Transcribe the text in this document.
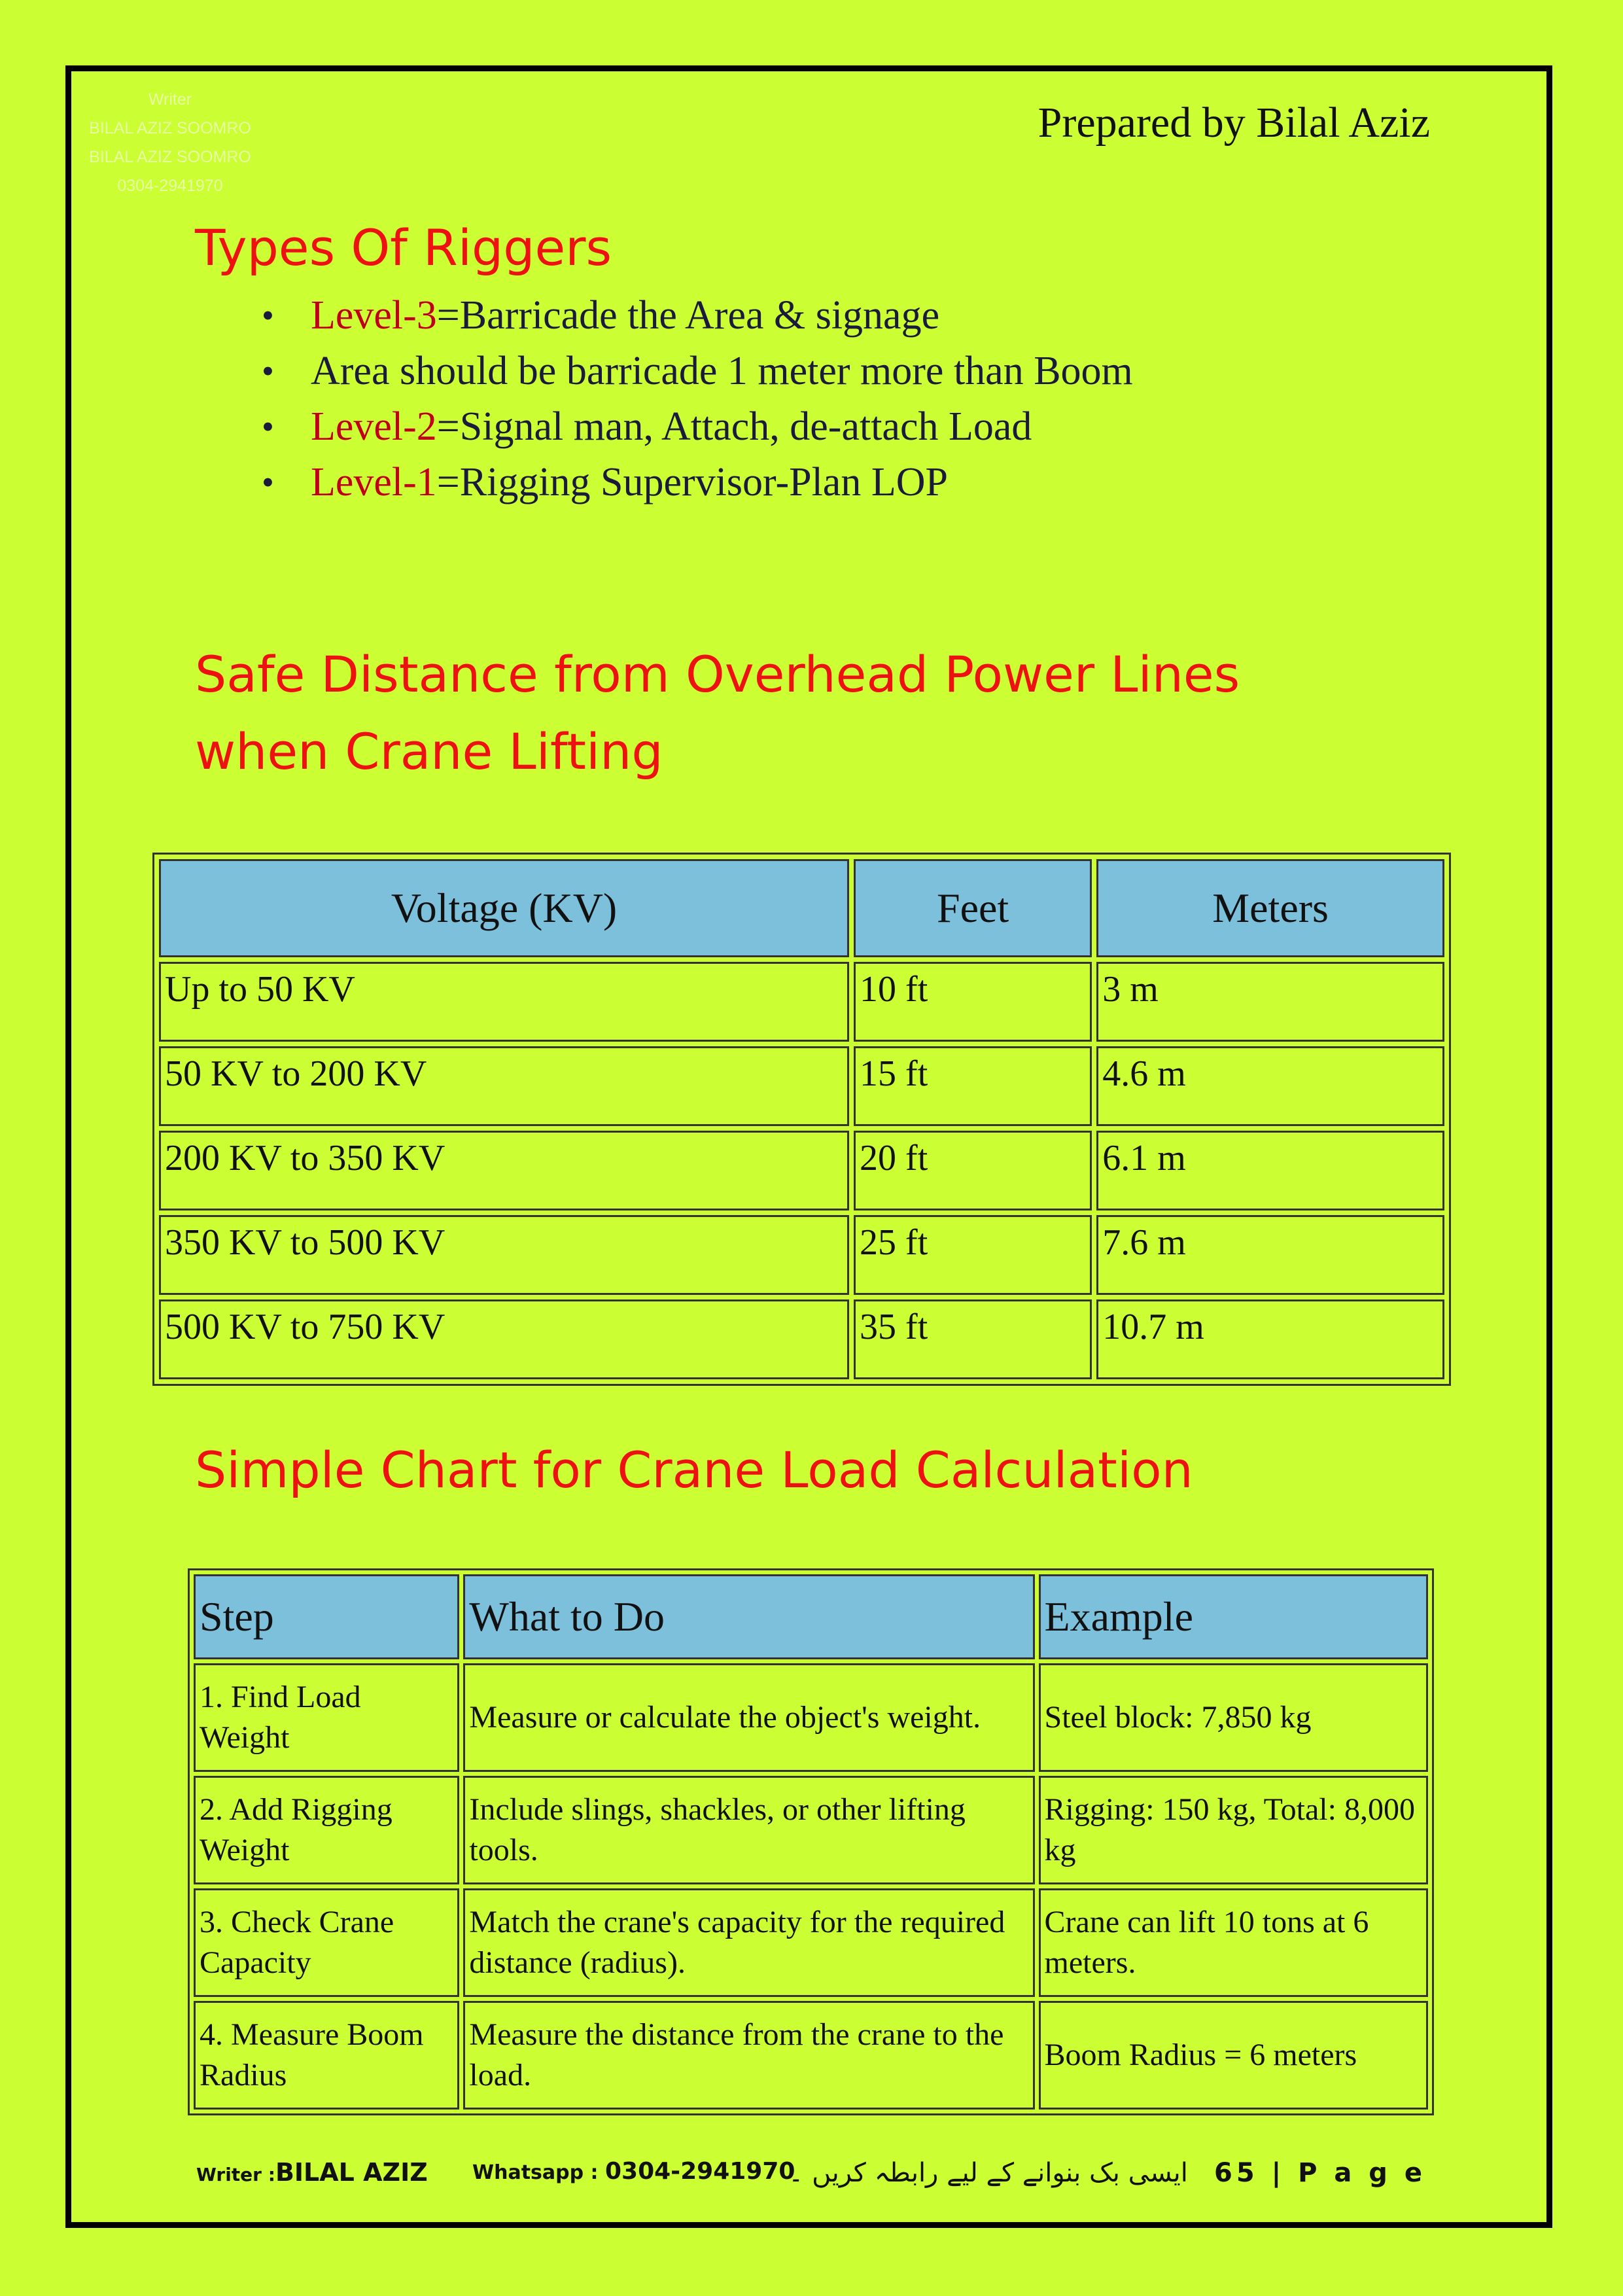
Writer
BILAL AZIZ SOOMRO
BILAL AZIZ SOOMRO
0304-2941970
Prepared by Bilal Aziz
Types Of Riggers
• Level-3=Barricade the Area & signage
• Area should be barricade 1 meter more than Boom
• Level-2=Signal man, Attach, de-attach Load
• Level-1=Rigging Supervisor-Plan LOP
Safe Distance from Overhead Power Lines
when Crane Lifting
Voltage (KV)	Feet	Meters
Up to 50 KV	10 ft	3 m
50 KV to 200 KV	15 ft	4.6 m
200 KV to 350 KV	20 ft	6.1 m
350 KV to 500 KV	25 ft	7.6 m
500 KV to 750 KV	35 ft	10.7 m
Simple Chart for Crane Load Calculation
Step	What to Do	Example
1. Find Load Weight	Measure or calculate the object's weight.	Steel block: 7,850 kg
2. Add Rigging Weight	Include slings, shackles, or other lifting tools.	Rigging: 150 kg, Total: 8,000 kg
3. Check Crane Capacity	Match the crane's capacity for the required distance (radius).	Crane can lift 10 tons at 6 meters.
4. Measure Boom Radius	Measure the distance from the crane to the load.	Boom Radius = 6 meters
Writer :BILAL AZIZ Whatsapp : 0304-2941970
ایسی بک بنوانے کے لیے رابطہ کریں ۔ 65 | P a g e
